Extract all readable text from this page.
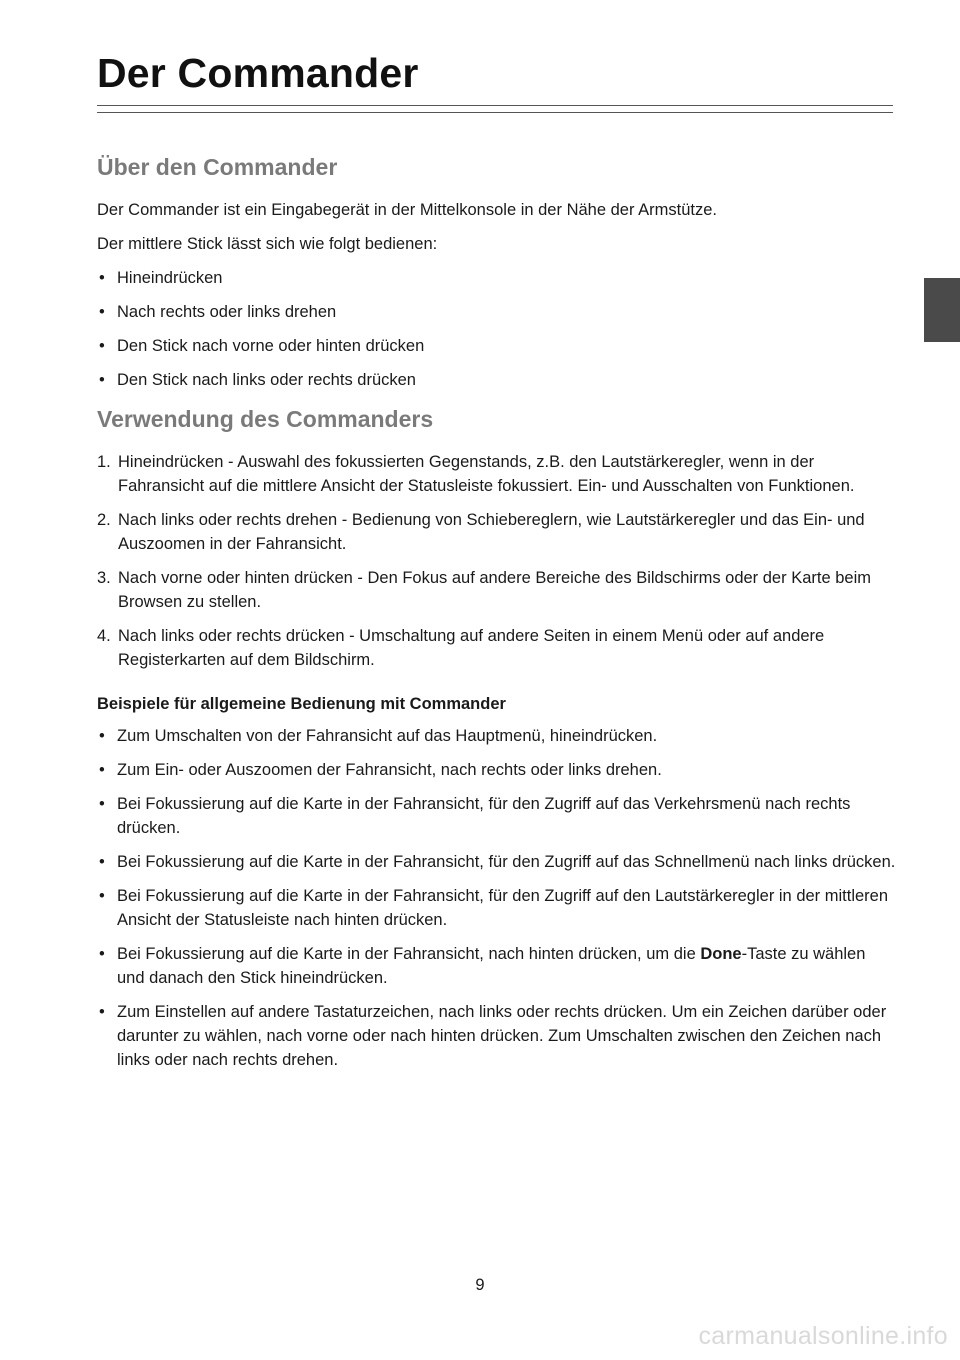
Der Commander
Über den Commander

Der Commander ist ein Eingabegerät in der Mittelkonsole in der Nähe der Armstütze.

Der mittlere Stick lässt sich wie folgt bedienen:

• Hineindrücken
• Nach rechts oder links drehen
• Den Stick nach vorne oder hinten drücken
• Den Stick nach links oder rechts drücken
Verwendung des Commanders
1. Hineindrücken - Auswahl des fokussierten Gegenstands, z.B. den Lautstärkeregler, wenn in der Fahransicht auf die mittlere Ansicht der Statusleiste fokussiert. Ein- und Ausschalten von Funktionen.
2. Nach links oder rechts drehen - Bedienung von Schiebereglern, wie Lautstärkeregler und das Ein- und Auszoomen in der Fahransicht.
3. Nach vorne oder hinten drücken - Den Fokus auf andere Bereiche des Bildschirms oder der Karte beim Browsen zu stellen.
4. Nach links oder rechts drücken - Umschaltung auf andere Seiten in einem Menü oder auf andere Registerkarten auf dem Bildschirm.

Beispiele für allgemeine Bedienung mit Commander

• Zum Umschalten von der Fahransicht auf das Hauptmenü, hineindrücken.
• Zum Ein- oder Auszoomen der Fahransicht, nach rechts oder links drehen.
• Bei Fokussierung auf die Karte in der Fahransicht, für den Zugriff auf das Verkehrsmenü nach rechts drücken.
• Bei Fokussierung auf die Karte in der Fahransicht, für den Zugriff auf das Schnellmenü nach links drücken.
• Bei Fokussierung auf die Karte in der Fahransicht, für den Zugriff auf den Lautstärkeregler in der mittleren Ansicht der Statusleiste nach hinten drücken.
• Bei Fokussierung auf die Karte in der Fahransicht, nach hinten drücken, um die Done-Taste zu wählen und danach den Stick hineindrücken.
• Zum Einstellen auf andere Tastaturzeichen, nach links oder rechts drücken. Um ein Zeichen darüber oder darunter zu wählen, nach vorne oder nach hinten drücken. Zum Umschalten zwischen den Zeichen nach links oder nach rechts drehen.
9
carmanualsonline.info
